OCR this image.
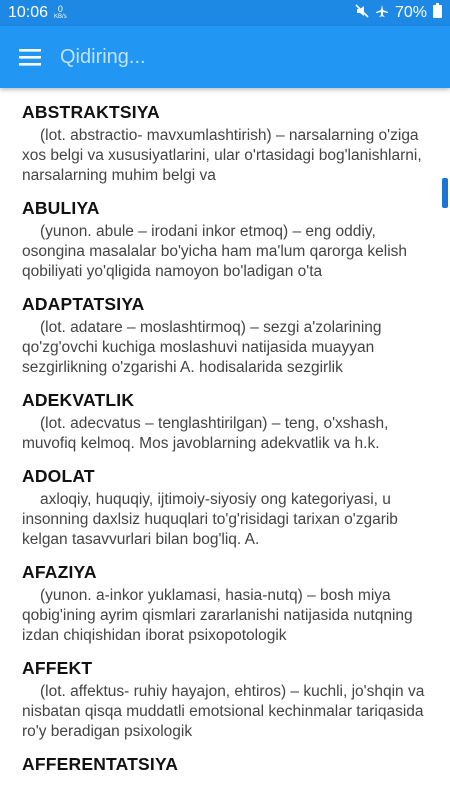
10:06 0
KB/s	70%
Qidiring...
ABSTRAKTSIYA
(lot. abstractio- mavxumlashtirish) – narsalarning o'ziga xos belgi va xususiyatlarini, ular o'rtasidagi bog'lanishlarni, narsalarning muhim belgi va
ABULIYA
(yunon. abule – irodani inkor etmoq) – eng oddiy, osongina masalalar bo'yicha ham ma'lum qarorga kelish qobiliyati yo'qligida namoyon bo'ladigan o'ta
ADAPTATSIYA
(lot. adatare – moslashtirmoq) – sezgi a'zolarining qo'zg'ovchi kuchiga moslashuvi natijasida muayyan sezgirlikning o'zgarishi A. hodisalarida sezgirlik
ADEKVATLIK
(lot. adecvatus – tenglashtirilgan) – teng, o'xshash, muvofiq kelmoq. Mos javoblarning adekvatlik va h.k.
ADOLAT
axloqiy, huquqiy, ijtimoiy-siyosiy ong kategoriyasi, u insonning daxlsiz huquqlari to'g'risidagi tarixan o'zgarib kelgan tasavvurlari bilan bog'liq. A.
AFAZIYA
(yunon. a-inkor yuklamasi, hasia-nutq) – bosh miya qobig'ining ayrim qismlari zararlanishi natijasida nutqning izdan chiqishidan iborat psixopotologik
AFFEKT
(lot. affektus- ruhiy hayajon, ehtiros) – kuchli, jo'shqin va nisbatan qisqa muddatli emotsional kechinmalar tariqasida ro'y beradigan psixologik
AFFERENTATSIYA
